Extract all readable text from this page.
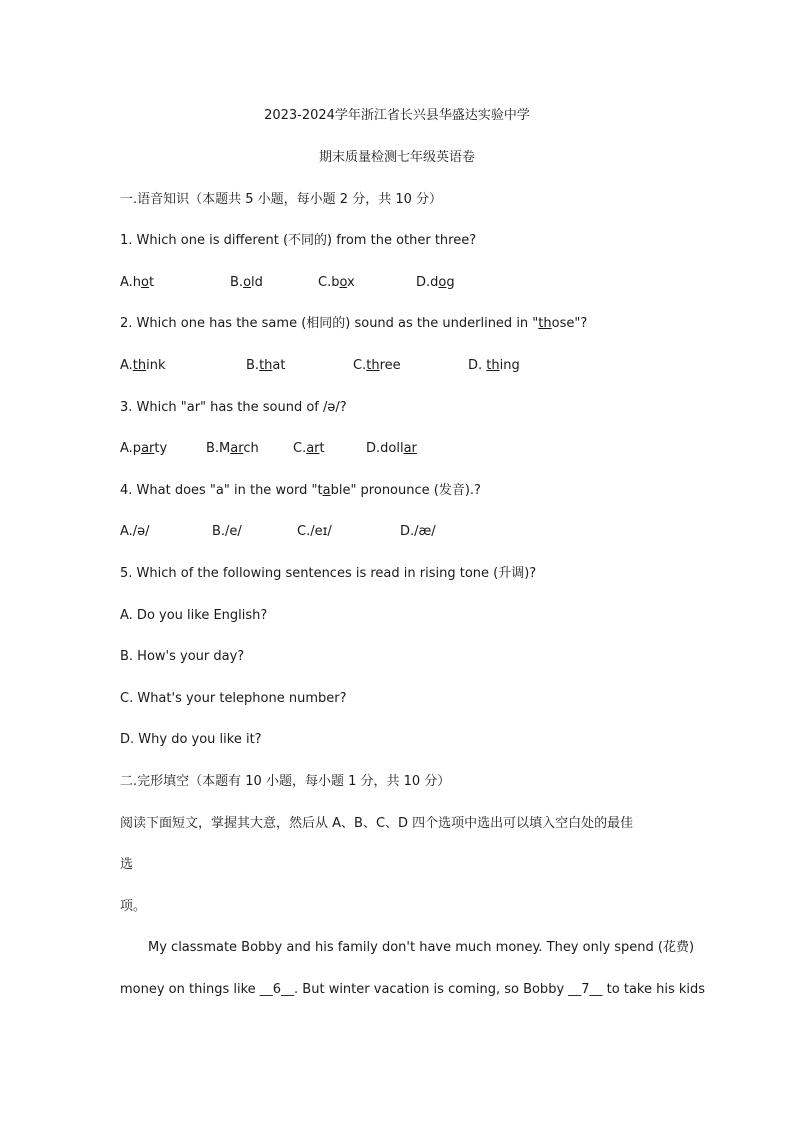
2023-2024学年浙江省长兴县华盛达实验中学
期末质量检测七年级英语卷
一.语音知识（本题共 5 小题，每小题 2 分，共 10 分）
1. Which one is different (不同的) from the other three?
A.hot	B.old	C.box	D.dog
2. Which one has the same (相同的) sound as the underlined in "those"?
A.think	B.that	C.three	D. thing
3. Which "ar" has the sound of /ə/?
A.party	B.March	C.art	D.dollar
4. What does "a" in the word "table" pronounce (发音).?
A./ə/	B./e/	C./eɪ/	D./æ/
5. Which of the following sentences is read in rising tone (升调)?
A. Do you like English?
B. How's your day?
C. What's your telephone number?
D. Why do you like it?
二.完形填空（本题有 10 小题，每小题 1 分，共 10 分）
阅读下面短文，掌握其大意，然后从 A、B、C、D 四个选项中选出可以填入空白处的最佳
选
项。
My classmate Bobby and his family don't have much money. They only spend (花费)
money on things like __6__. But winter vacation is coming, so Bobby __7__ to take his kids
